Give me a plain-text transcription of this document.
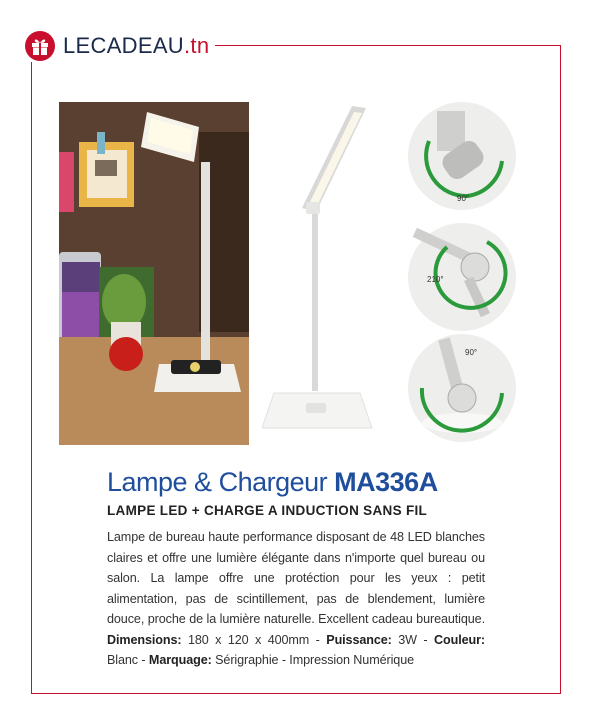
LECADEAU.tn
90°
210°
90°
Lampe & Chargeur MA336A
LAMPE LED + CHARGE A INDUCTION SANS FIL
Lampe de bureau haute performance disposant de 48 LED blanches claires et offre une lumière élégante dans n'importe quel bureau ou salon. La lampe offre une protéction pour les yeux : petit alimentation, pas de scintillement, pas de blendement, lumière douce, proche de la lumière naturelle. Excellent cadeau bureautique. Dimensions: 180 x 120 x 400mm - Puissance: 3W - Couleur: Blanc - Marquage: Sérigraphie - Impression Numérique
